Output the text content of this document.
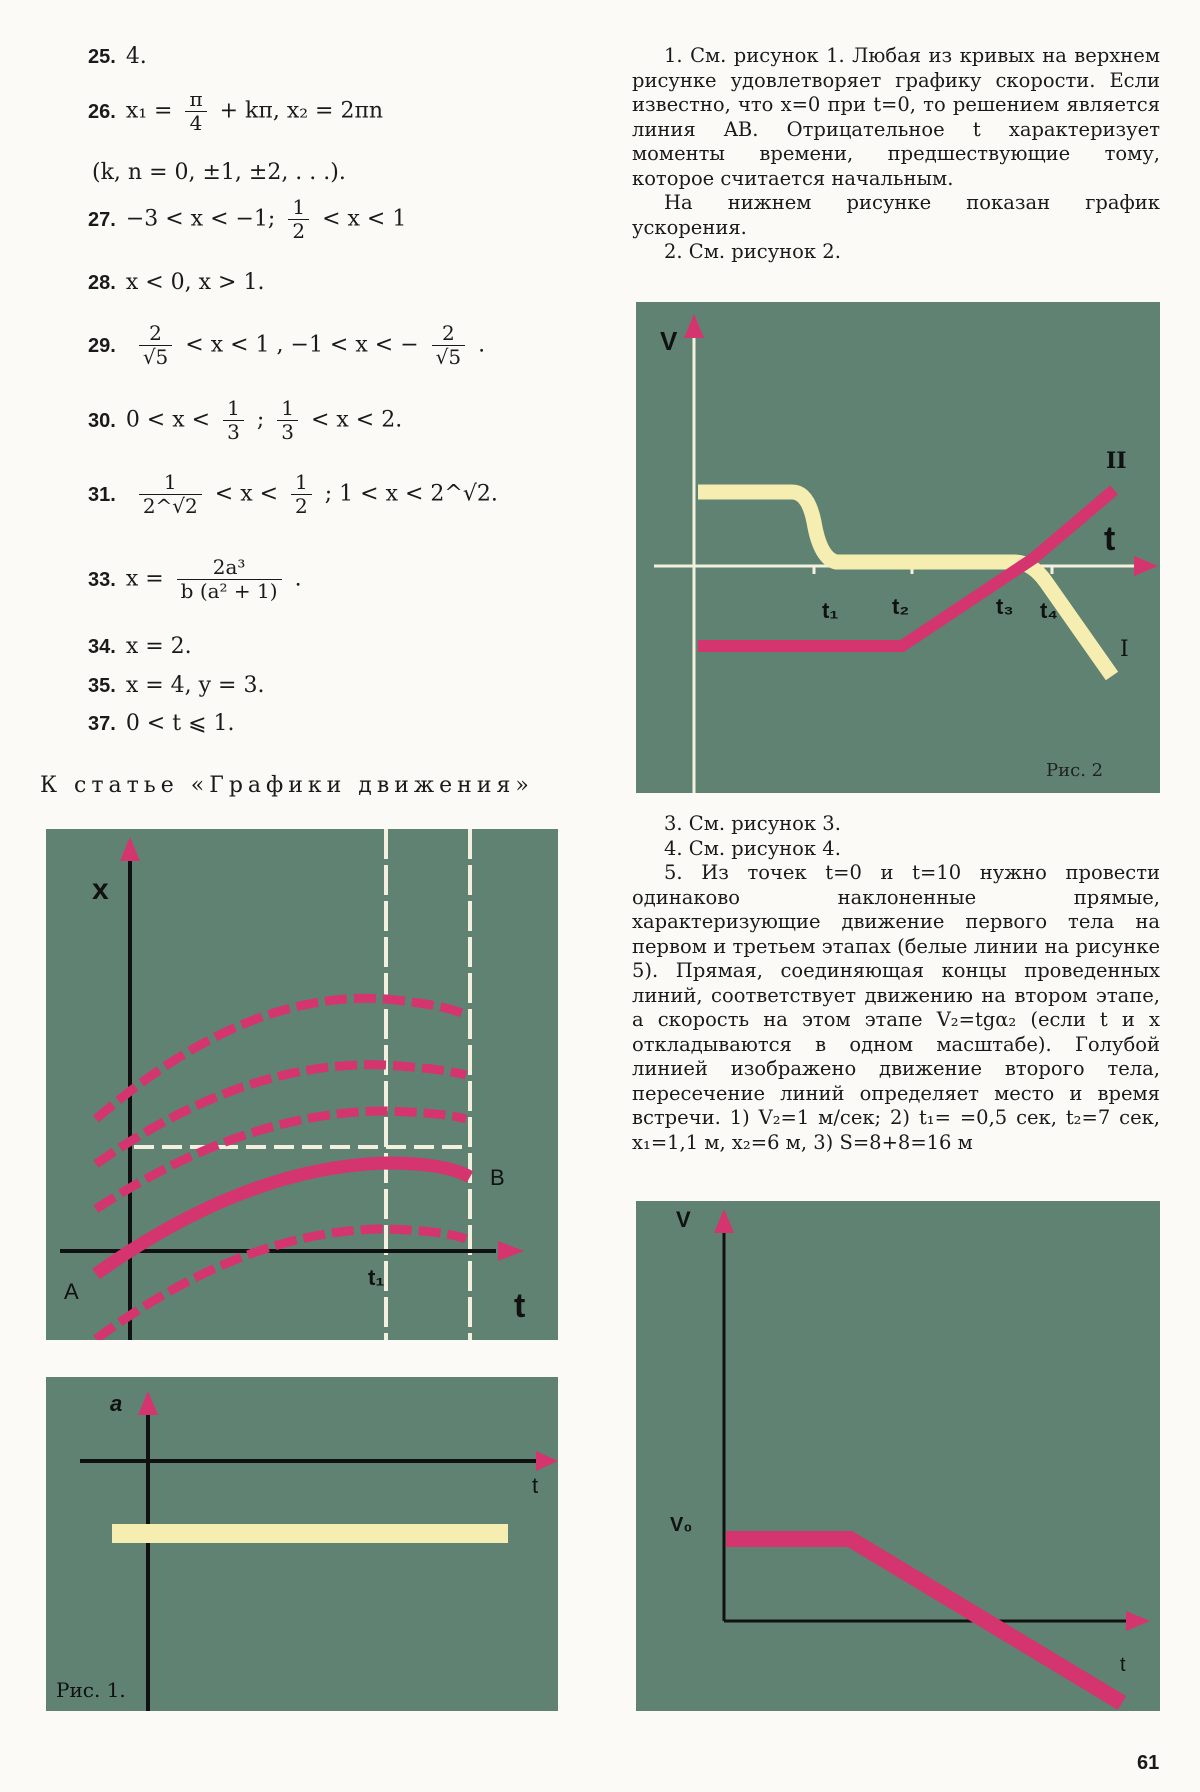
25. 4.
26. $x_1 = \frac{\pi}{4} + k\pi$, x₂ = 2πn
(k, n = 0, ±1, ±2, . . .).
27. −3 < x < −1; $\frac{1}{2} < x < 1$
28. x < 0, x > 1.
29. $\frac{2}{√5} < x < 1$ , −1 < x < − $\frac{2}{√5}$ .
30. $0 < x < \frac{1}{3}$ ; $\frac{1}{3} < x < 2$.
31. $\frac{1}{2\^{}√2} < x < \frac{1}{2}$ ; 1 < x < 2^√2.
33. $x = \frac{\text{2a³}}{\text{b (a² + 1)}}$ .
34. x = 2.
35. x = 4, y = 3.
37. 0 < t ⩽ 1.
К статье «Графики движения»
x
t
A
B
t₁
a
t
Рис. 1.

1. См. рисунок 1. Любая из кривых на верхнем рисунке удовлетворяет графику скорости. Если известно, что x=0 при t=0, то решением является линия AB. Отрицательное t характеризует моменты времени, предшествующие тому, которое считается начальным.

На нижнем рисунке показан график ускорения.

2. См. рисунок 2.

V
t
t₁ t₂	t₃ t₄
II
I
Рис. 2

3. См. рисунок 3.

4. См. рисунок 4.

5. Из точек t=0 и t=10 нужно провести одинаково наклоненные прямые, характеризующие движение первого тела на первом и третьем этапах (белые линии на рисунке 5). Прямая, соединяющая концы проведенных линий, соответствует движению на втором этапе, а скорость на этом этапе V₂=tgα₂ (если t и x откладываются в одном масштабе). Голубой линией изображено движение второго тела, пересечение линий определяет место и время встречи. 1) V₂=1 м/сек; 2) t₁= =0,5 сек, t₂=7 сек, x₁=1,1 м, x₂=6 м, 3) S=8+8=16 м

V
t
V₀
61
